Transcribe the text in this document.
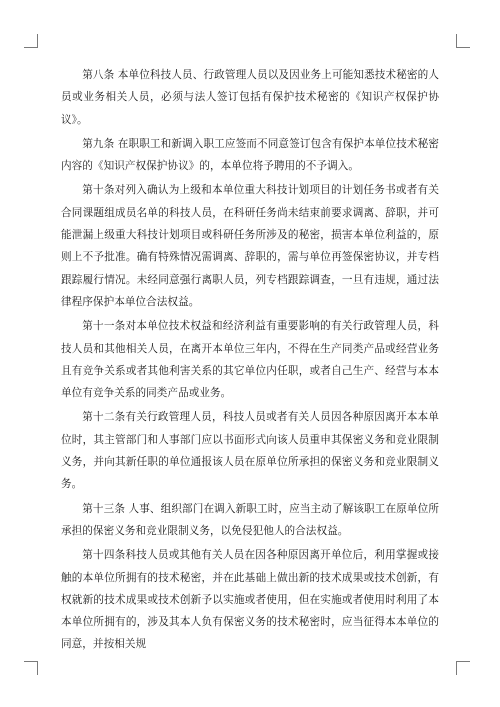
第八条 本单位科技人员、行政管理人员以及因业务上可能知悉技术秘密的人员或业务相关人员，必须与法人签订包括有保护技术秘密的《知识产权保护协议》。

第九条 在职职工和新调入职工应签而不同意签订包含有保护本单位技术秘密内容的《知识产权保护协议》的，本单位将予聘用的不予调入。

第十条对列入确认为上级和本单位重大科技计划项目的计划任务书或者有关合同课题组成员名单的科技人员，在科研任务尚未结束前要求调离、辞职，并可能泄漏上级重大科技计划项目或科研任务所涉及的秘密，损害本单位利益的，原则上不予批准。确有特殊情况需调离、辞职的，需与单位再签保密协议，并专档跟踪履行情况。未经同意强行离职人员，列专档跟踪调查，一旦有违规，通过法律程序保护本单位合法权益。

第十一条对本单位技术权益和经济利益有重要影响的有关行政管理人员，科技人员和其他相关人员，在离开本单位三年内，不得在生产同类产品或经营业务且有竞争关系或者其他利害关系的其它单位内任职，或者自己生产、经营与本本单位有竞争关系的同类产品或业务。

第十二条有关行政管理人员，科技人员或者有关人员因各种原因离开本本单位时，其主管部门和人事部门应以书面形式向该人员重申其保密义务和竞业限制义务，并向其新任职的单位通报该人员在原单位所承担的保密义务和竞业限制义务。

第十三条 人事、组织部门在调入新职工时，应当主动了解该职工在原单位所承担的保密义务和竞业限制义务，以免侵犯他人的合法权益。

第十四条科技人员或其他有关人员在因各种原因离开单位后，利用掌握或接触的本单位所拥有的技术秘密，并在此基础上做出新的技术成果或技术创新，有权就新的技术成果或技术创新予以实施或者使用，但在实施或者使用时利用了本本单位所拥有的，涉及其本人负有保密义务的技术秘密时，应当征得本本单位的同意，并按相关规
